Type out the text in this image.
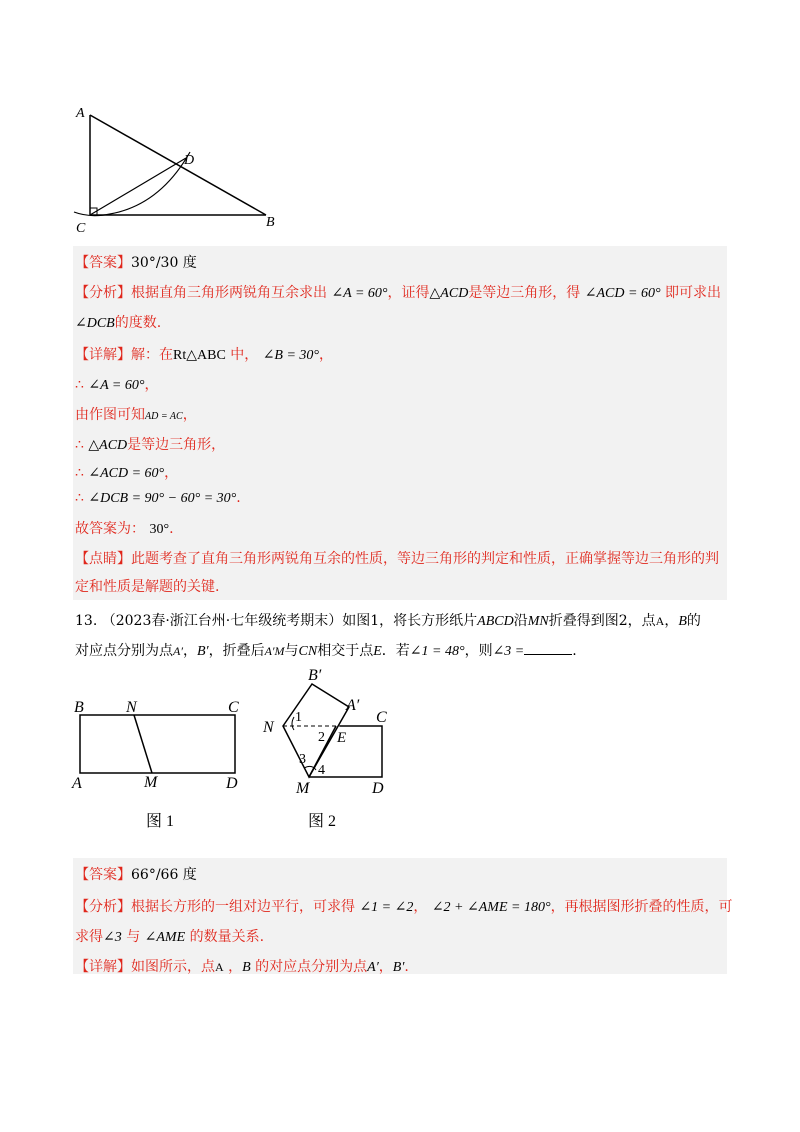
A
D
C	B
【答案】30°/30 度
【分析】根据直角三角形两锐角互余求出 ∠A = 60°，证得△ACD是等边三角形，得 ∠ACD = 60° 即可求出
∠DCB的度数.
【详解】解：在Rt△ABC 中， ∠B = 30°，
∴ ∠A = 60°，
由作图可知AD = AC，
∴ △ACD是等边三角形，
∴ ∠ACD = 60°，
∴ ∠DCB = 90° − 60° = 30°.
故答案为： 30°.
【点睛】此题考查了直角三角形两锐角互余的性质，等边三角形的判定和性质，正确掌握等边三角形的判
定和性质是解题的关键.
13. （2023春·浙江台州·七年级统考期末）如图1，将长方形纸片ABCD沿MN折叠得到图2，点A，B的
对应点分别为点A′，B′，折叠后A′M与CN相交于点E．若∠1 = 48°，则∠3 =	.
B	N	C
A	M	D
图 1
B′
A′
C
N
E
1
2
3
4
M	D
图 2
【答案】66°/66 度
【分析】根据长方形的一组对边平行，可求得 ∠1 = ∠2， ∠2 + ∠AME = 180°，再根据图形折叠的性质，可
求得∠3 与 ∠AME 的数量关系.
【详解】如图所示，点A ，B 的对应点分别为点A′，B′.
